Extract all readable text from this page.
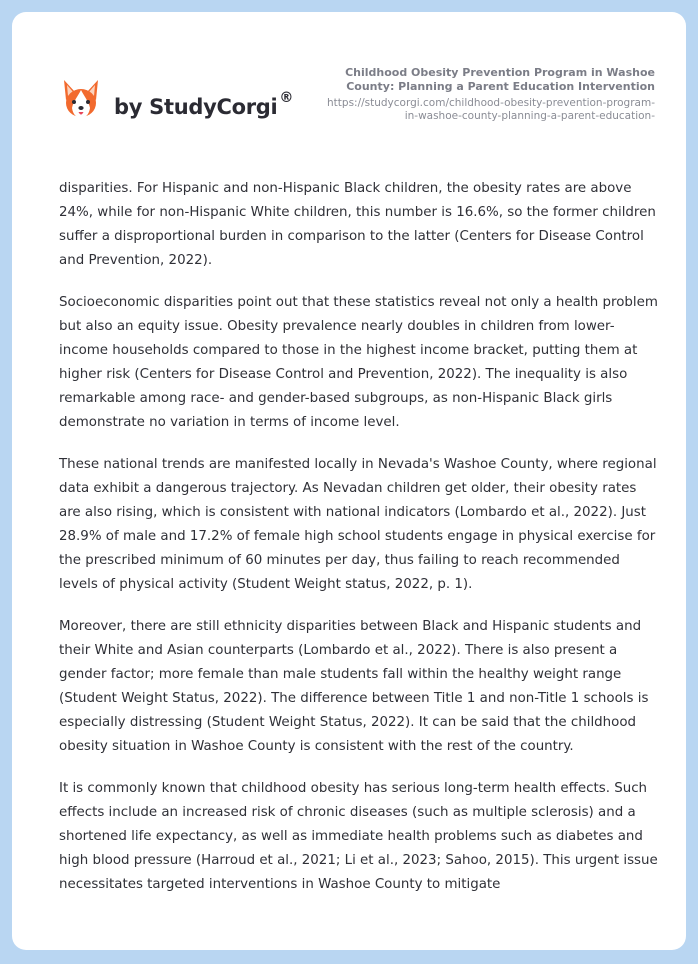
by StudyCorgi ®
Childhood Obesity Prevention Program in Washoe County: Planning a Parent Education Intervention
https://studycorgi.com/childhood-obesity-prevention-program-in-washoe-county-planning-a-parent-education-

disparities. For Hispanic and non-Hispanic Black children, the obesity rates are above 24%, while for non-Hispanic White children, this number is 16.6%, so the former children suffer a disproportional burden in comparison to the latter (Centers for Disease Control and Prevention, 2022).

Socioeconomic disparities point out that these statistics reveal not only a health problem but also an equity issue. Obesity prevalence nearly doubles in children from lower-income households compared to those in the highest income bracket, putting them at higher risk (Centers for Disease Control and Prevention, 2022). The inequality is also remarkable among race- and gender-based subgroups, as non-Hispanic Black girls demonstrate no variation in terms of income level.

These national trends are manifested locally in Nevada's Washoe County, where regional data exhibit a dangerous trajectory. As Nevadan children get older, their obesity rates are also rising, which is consistent with national indicators (Lombardo et al., 2022). Just 28.9% of male and 17.2% of female high school students engage in physical exercise for the prescribed minimum of 60 minutes per day, thus failing to reach recommended levels of physical activity (Student Weight status, 2022, p. 1).

Moreover, there are still ethnicity disparities between Black and Hispanic students and their White and Asian counterparts (Lombardo et al., 2022). There is also present a gender factor; more female than male students fall within the healthy weight range (Student Weight Status, 2022). The difference between Title 1 and non-Title 1 schools is especially distressing (Student Weight Status, 2022). It can be said that the childhood obesity situation in Washoe County is consistent with the rest of the country.

It is commonly known that childhood obesity has serious long-term health effects. Such effects include an increased risk of chronic diseases (such as multiple sclerosis) and a shortened life expectancy, as well as immediate health problems such as diabetes and high blood pressure (Harroud et al., 2021; Li et al., 2023; Sahoo, 2015). This urgent issue necessitates targeted interventions in Washoe County to mitigate
